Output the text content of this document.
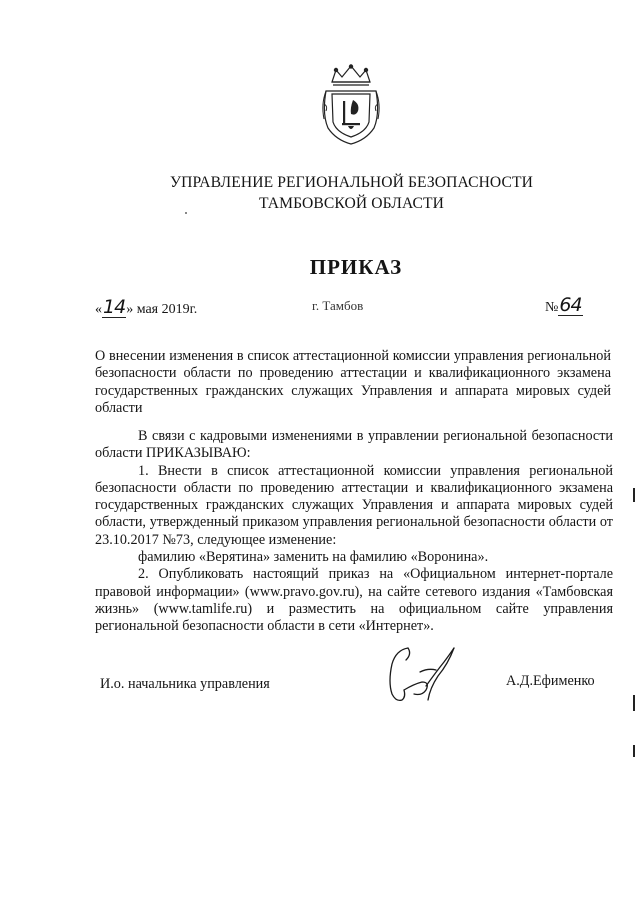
УПРАВЛЕНИЕ РЕГИОНАЛЬНОЙ БЕЗОПАСНОСТИ
ТАМБОВСКОЙ ОБЛАСТИ
ПРИКАЗ
«14» мая 2019г.	г. Тамбов	№64
О внесении изменения в список аттестационной комиссии управления региональной безопасности области по проведению аттестации и квалификационного экзамена государственных гражданских служащих Управления и аппарата мировых судей области

В связи с кадровыми изменениями в управлении региональной безопасности области ПРИКАЗЫВАЮ:

1. Внести в список аттестационной комиссии управления региональной безопасности области по проведению аттестации и квалификационного экзамена государственных гражданских служащих Управления и аппарата мировых судей области, утвержденный приказом управления региональной безопасности области от 23.10.2017 №73, следующее изменение:

фамилию «Верятина» заменить на фамилию «Воронина».

2. Опубликовать настоящий приказ на «Официальном интернет-портале правовой информации» (www.pravo.gov.ru), на сайте сетевого издания «Тамбовская жизнь» (www.tamlife.ru) и разместить на официальном сайте управления региональной безопасности области в сети «Интернет».

И.о. начальника управления	А.Д.Ефименко
